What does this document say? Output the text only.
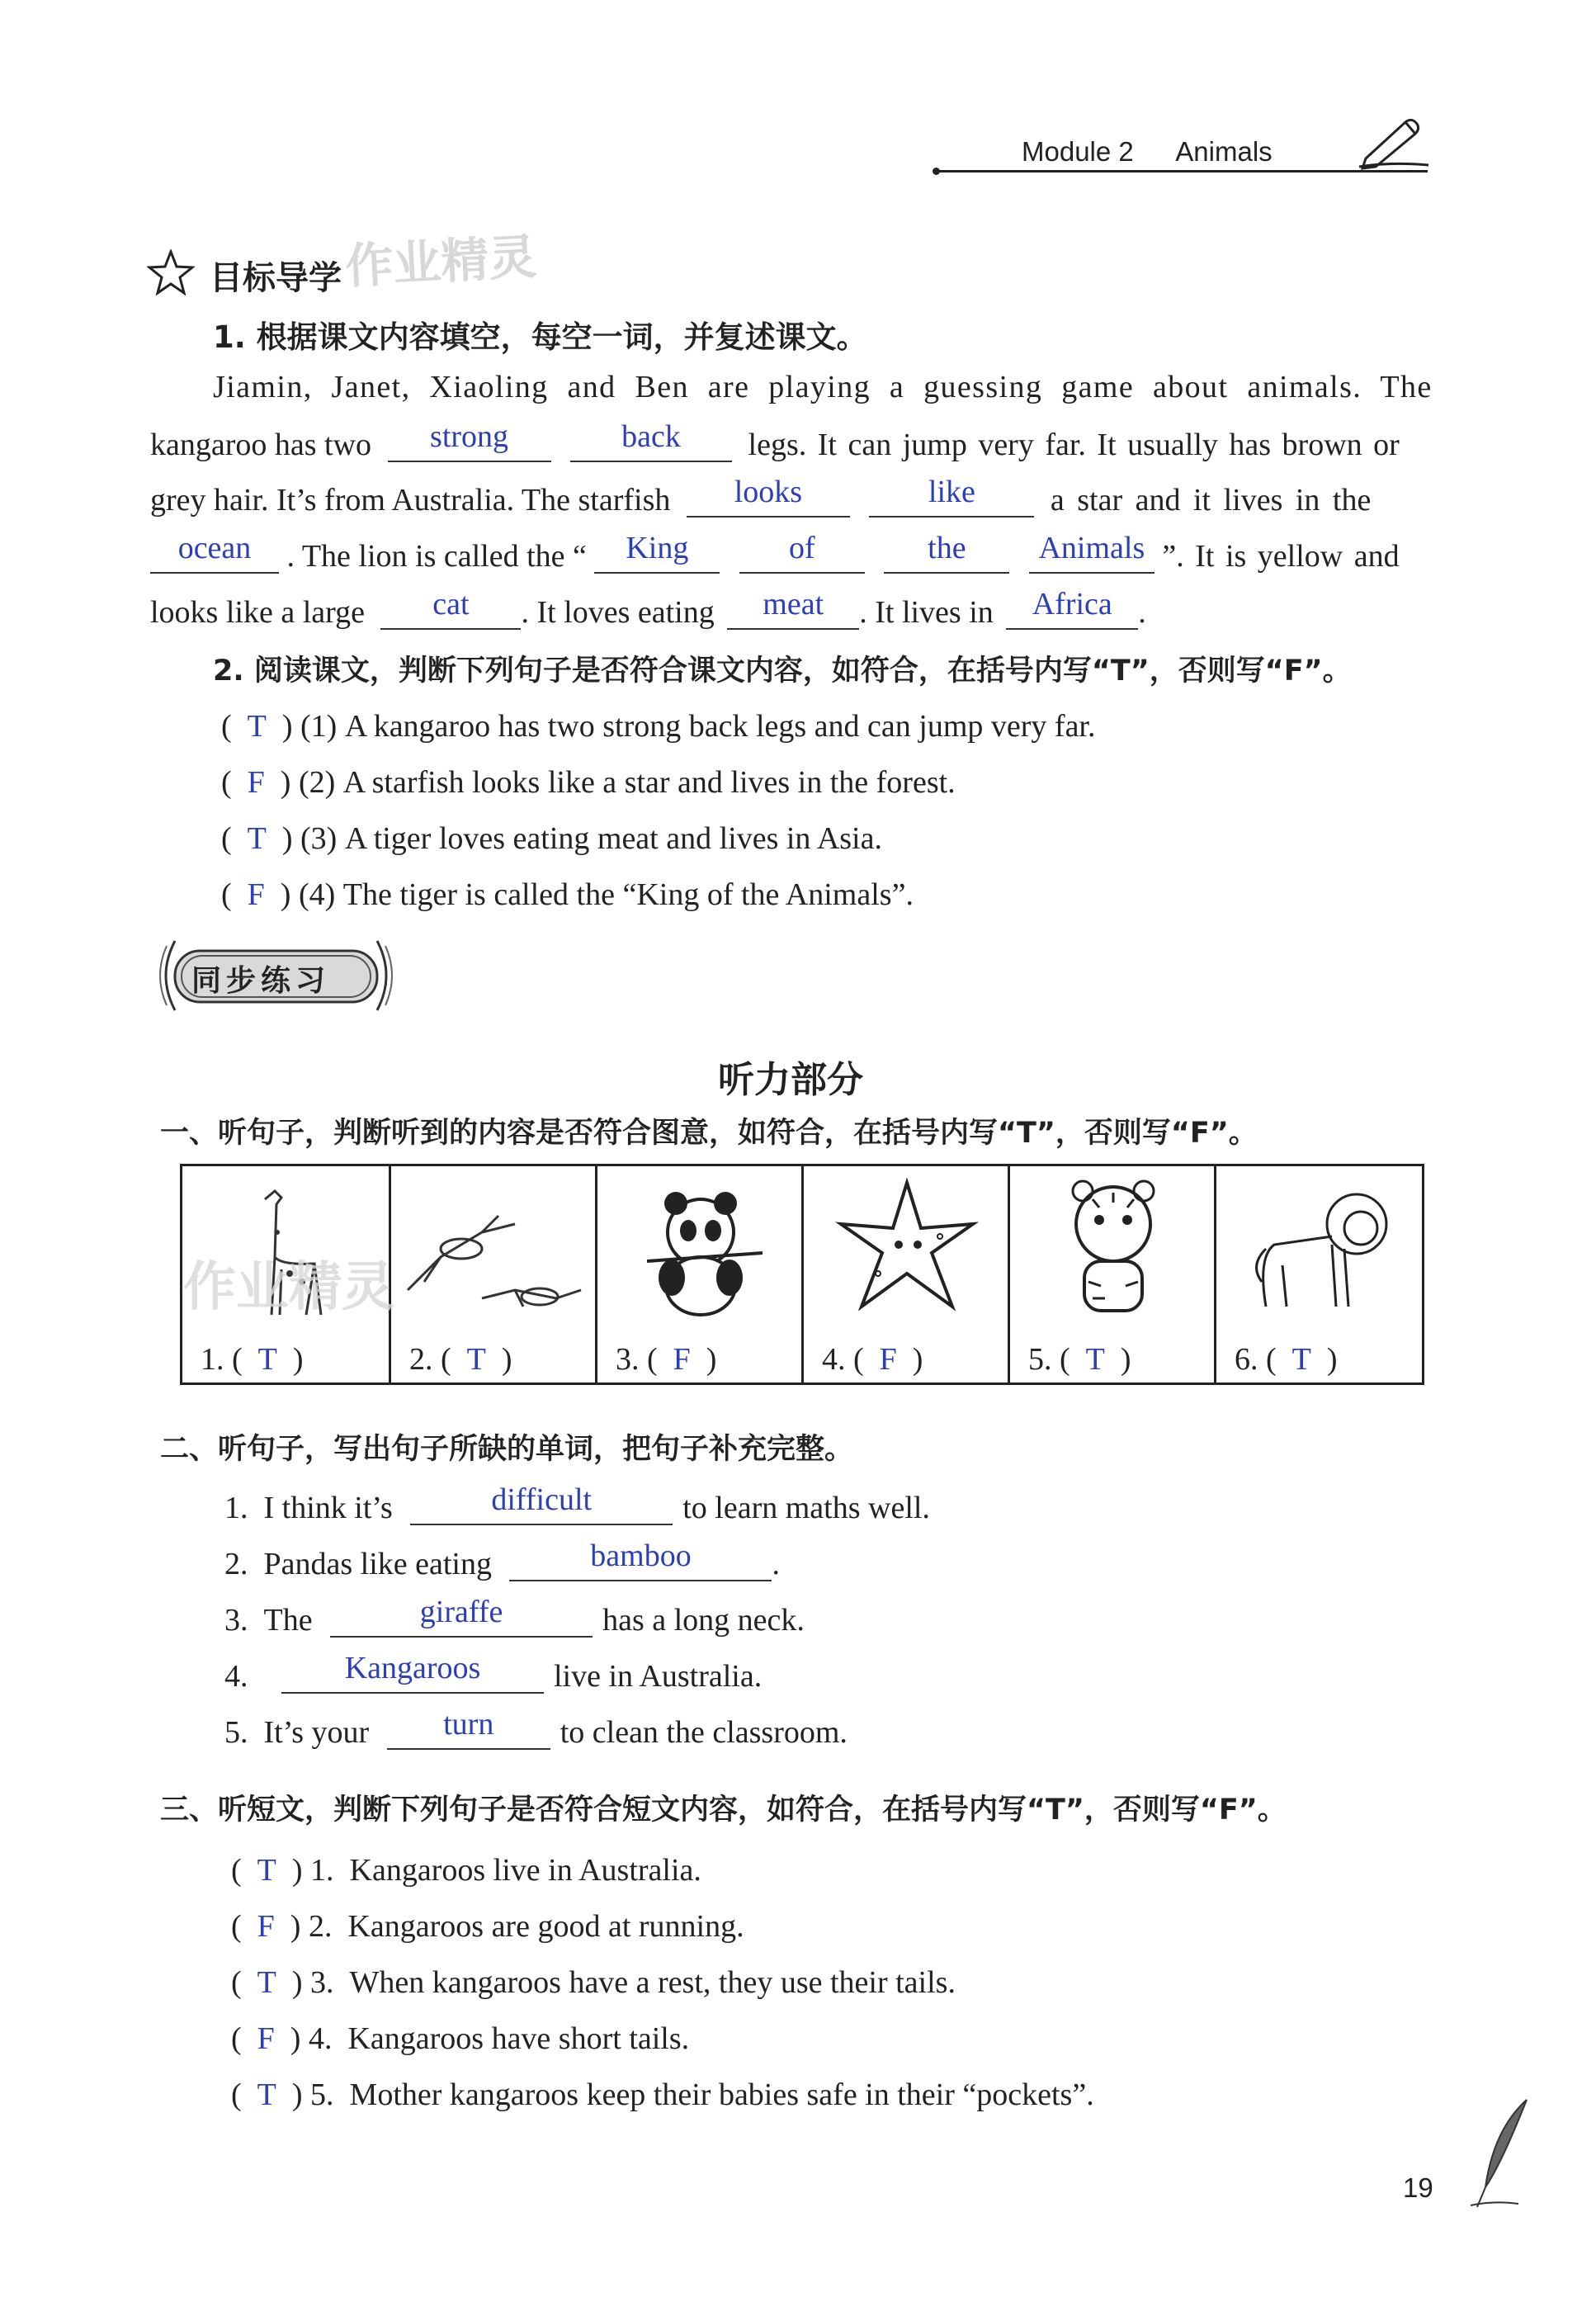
Module 2 Animals
目标导学 作业精灵
1. 根据课文内容填空，每空一词，并复述课文。
Jiamin, Janet, Xiaoling and Ben are playing a guessing game about animals. The
kangaroo has two strong	back legs. It can jump very far. It usually has brown or
grey hair. It’s from Australia. The starfish looks	like a star and it lives in the
ocean . The lion is called the “ King	of	the Animals ”. It is yellow and
looks like a large cat . It loves eating meat . It lives in Africa .
2. 阅读课文，判断下列句子是否符合课文内容，如符合，在括号内写“T”，否则写“F”。
(  T  ) (1) A kangaroo has two strong back legs and can jump very far.
(  F  ) (2) A starfish looks like a star and lives in the forest.
(  T  ) (3) A tiger loves eating meat and lives in Asia.
(  F  ) (4) The tiger is called the “King of the Animals”.
同步练习
听力部分
一、听句子，判断听到的内容是否符合图意，如符合，在括号内写“T”，否则写“F”。
1. (  T  )	2. (  T  )	3. (  F  )	4. (  F  )	5. (  T  )	6. (  T  )
作业精灵
二、听句子，写出句子所缺的单词，把句子补充完整。
1. I think it’s	difficult	to learn maths well.
2. Pandas like eating	bamboo	.
3. The	giraffe	has a long neck.
4.	Kangaroos live in Australia.
5. It’s your turn to clean the classroom.
三、听短文，判断下列句子是否符合短文内容，如符合，在括号内写“T”，否则写“F”。
(  T  ) 1. Kangaroos live in Australia.
(  F  ) 2. Kangaroos are good at running.
(  T  ) 3. When kangaroos have a rest, they use their tails.
(  F  ) 4. Kangaroos have short tails.
(  T  ) 5. Mother kangaroos keep their babies safe in their “pockets”.
19
